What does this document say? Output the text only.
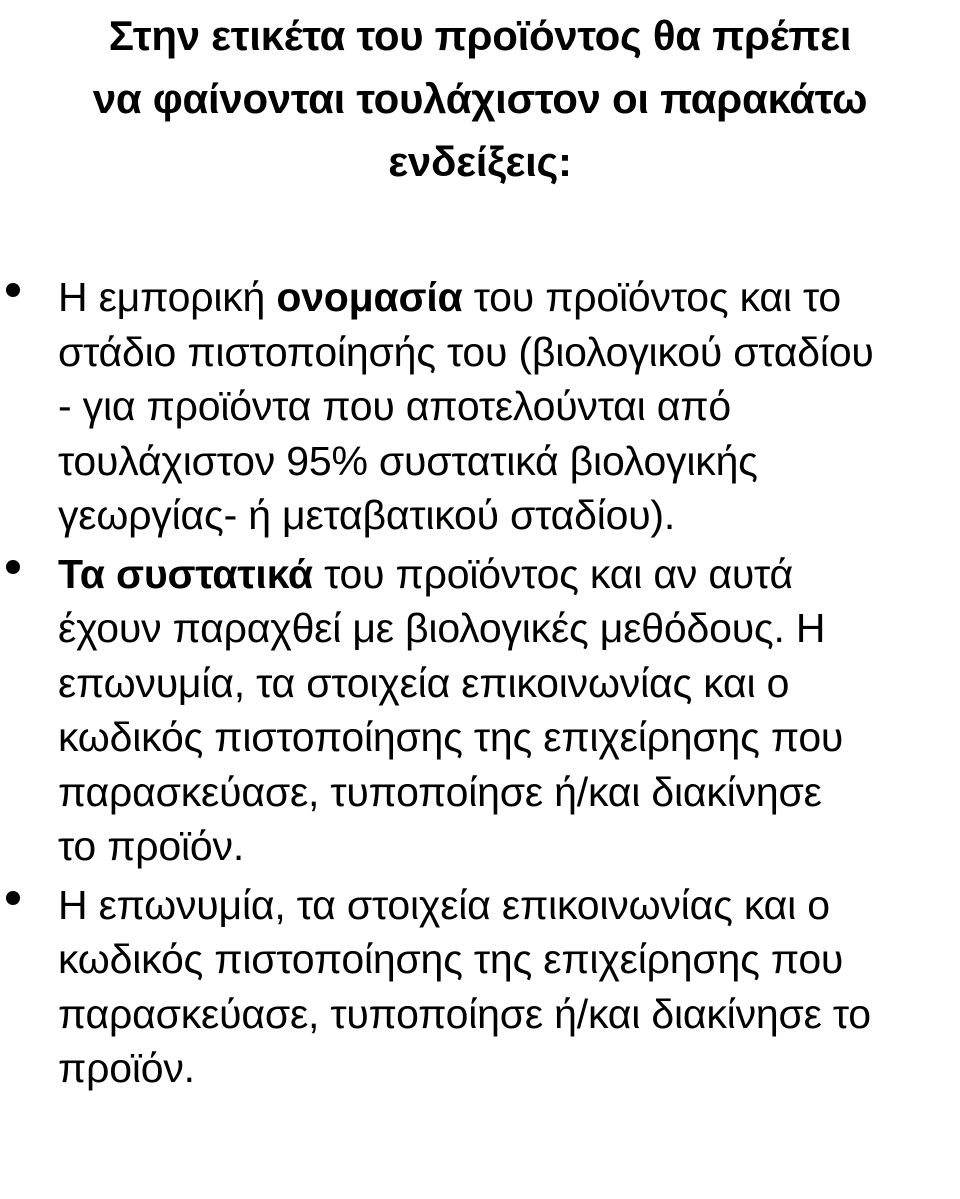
Στην ετικέτα του προϊόντος θα πρέπει
να φαίνονται τουλάχιστον οι παρακάτω
ενδείξεις:
Η εμπορική ονομασία του προϊόντος και το στάδιο πιστοποίησής του (βιολογικού σταδίου - για προϊόντα που αποτελούνται από τουλάχιστον 95% συστατικά βιολογικής γεωργίας- ή μεταβατικού σταδίου).
Τα συστατικά του προϊόντος και αν αυτά έχουν παραχθεί με βιολογικές μεθόδους. Η επωνυμία, τα στοιχεία επικοινωνίας και ο κωδικός πιστοποίησης της επιχείρησης που παρασκεύασε, τυποποίησε ή/και διακίνησε το προϊόν.
Η επωνυμία, τα στοιχεία επικοινωνίας και ο κωδικός πιστοποίησης της επιχείρησης που παρασκεύασε, τυποποίησε ή/και διακίνησε το προϊόν.
